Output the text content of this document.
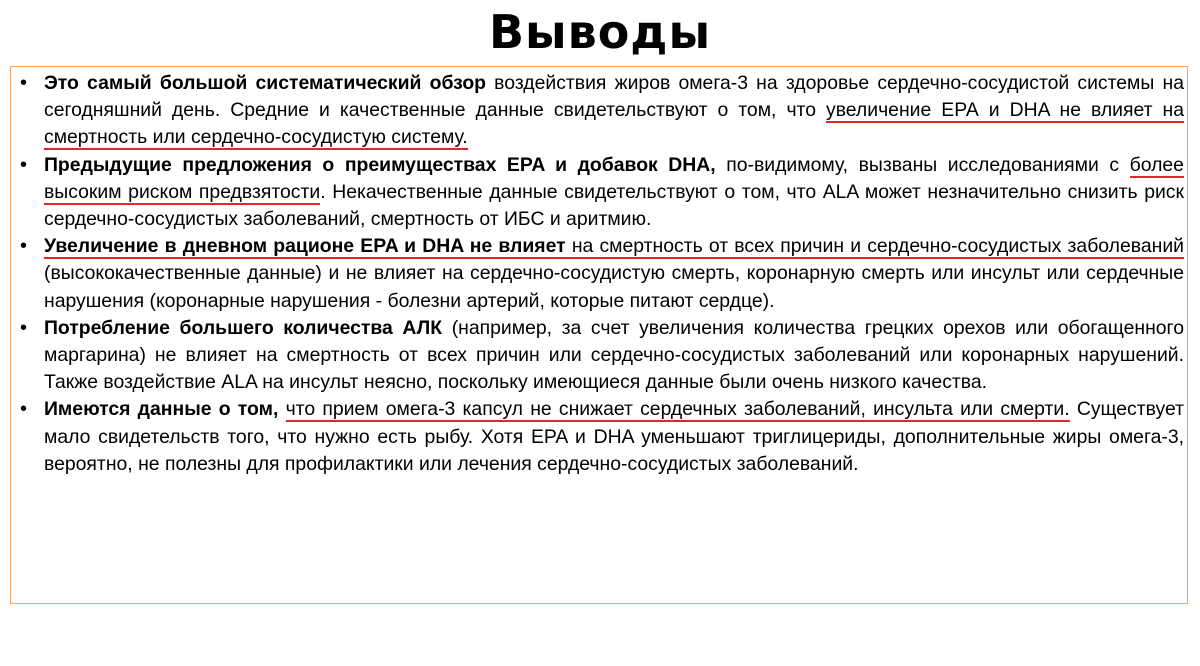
Выводы
• Это самый большой систематический обзор воздействия жиров омега-3 на здоровье сердечно-сосудистой системы на сегодняшний день. Средние и качественные данные свидетельствуют о том, что увеличение ЕРА и DHA не влияет на смертность или сердечно-сосудистую систему.
• Предыдущие предложения о преимуществах EPA и добавок DHA, по-видимому, вызваны исследованиями с более высоким риском предвзятости. Некачественные данные свидетельствуют о том, что ALA может незначительно снизить риск сердечно-сосудистых заболеваний, смертность от ИБС и аритмию.
• Увеличение в дневном рационе EPA и DHA не влияет на смертность от всех причин и сердечно-сосудистых заболеваний (высококачественные данные) и не влияет на сердечно-сосудистую смерть, коронарную смерть или инсульт или сердечные нарушения (коронарные нарушения - болезни артерий, которые питают сердце).
• Потребление большего количества АЛК (например, за счет увеличения количества грецких орехов или обогащенного маргарина) не влияет на смертность от всех причин или сердечно-сосудистых заболеваний или коронарных нарушений. Также воздействие ALA на инсульт неясно, поскольку имеющиеся данные были очень низкого качества.
• Имеются данные о том, что прием омега-3 капсул не снижает сердечных заболеваний, инсульта или смерти. Существует мало свидетельств того, что нужно есть рыбу. Хотя EPA и DHA уменьшают триглицериды, дополнительные жиры омега-3, вероятно, не полезны для профилактики или лечения сердечно-сосудистых заболеваний.
